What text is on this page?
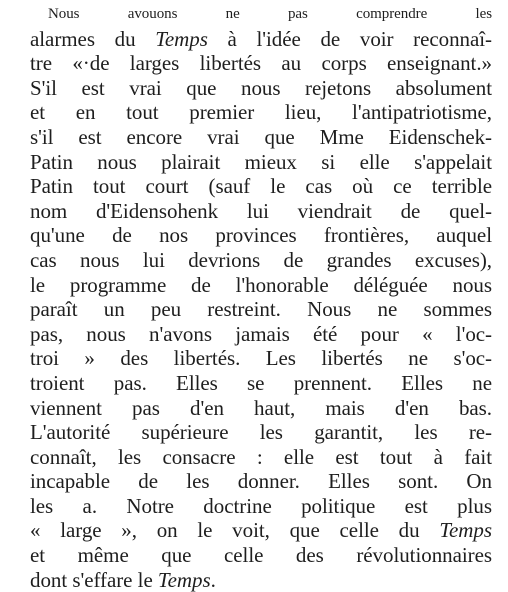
Nous avouons ne pas comprendre les
alarmes du Temps à l'idée de voir reconnaî-
tre «·de larges libertés au corps enseignant.»
S'il est vrai que nous rejetons absolument
et en tout premier lieu, l'antipatriotisme,
s'il est encore vrai que Mme Eidenschek-
Patin nous plairait mieux si elle s'appelait
Patin tout court (sauf le cas où ce terrible
nom d'Eidensohenk lui viendrait de quel-
qu'une de nos provinces frontières, auquel
cas nous lui devrions de grandes excuses),
le programme de l'honorable déléguée nous
paraît un peu restreint. Nous ne sommes
pas, nous n'avons jamais été pour « l'oc-
troi » des libertés. Les libertés ne s'oc-
troient pas. Elles se prennent. Elles ne
viennent pas d'en haut, mais d'en bas.
L'autorité supérieure les garantit, les re-
connaît, les consacre : elle est tout à fait
incapable de les donner. Elles sont. On
les a. Notre doctrine politique est plus
« large », on le voit, que celle du Temps
et même que celle des révolutionnaires
dont s'effare le Temps.
